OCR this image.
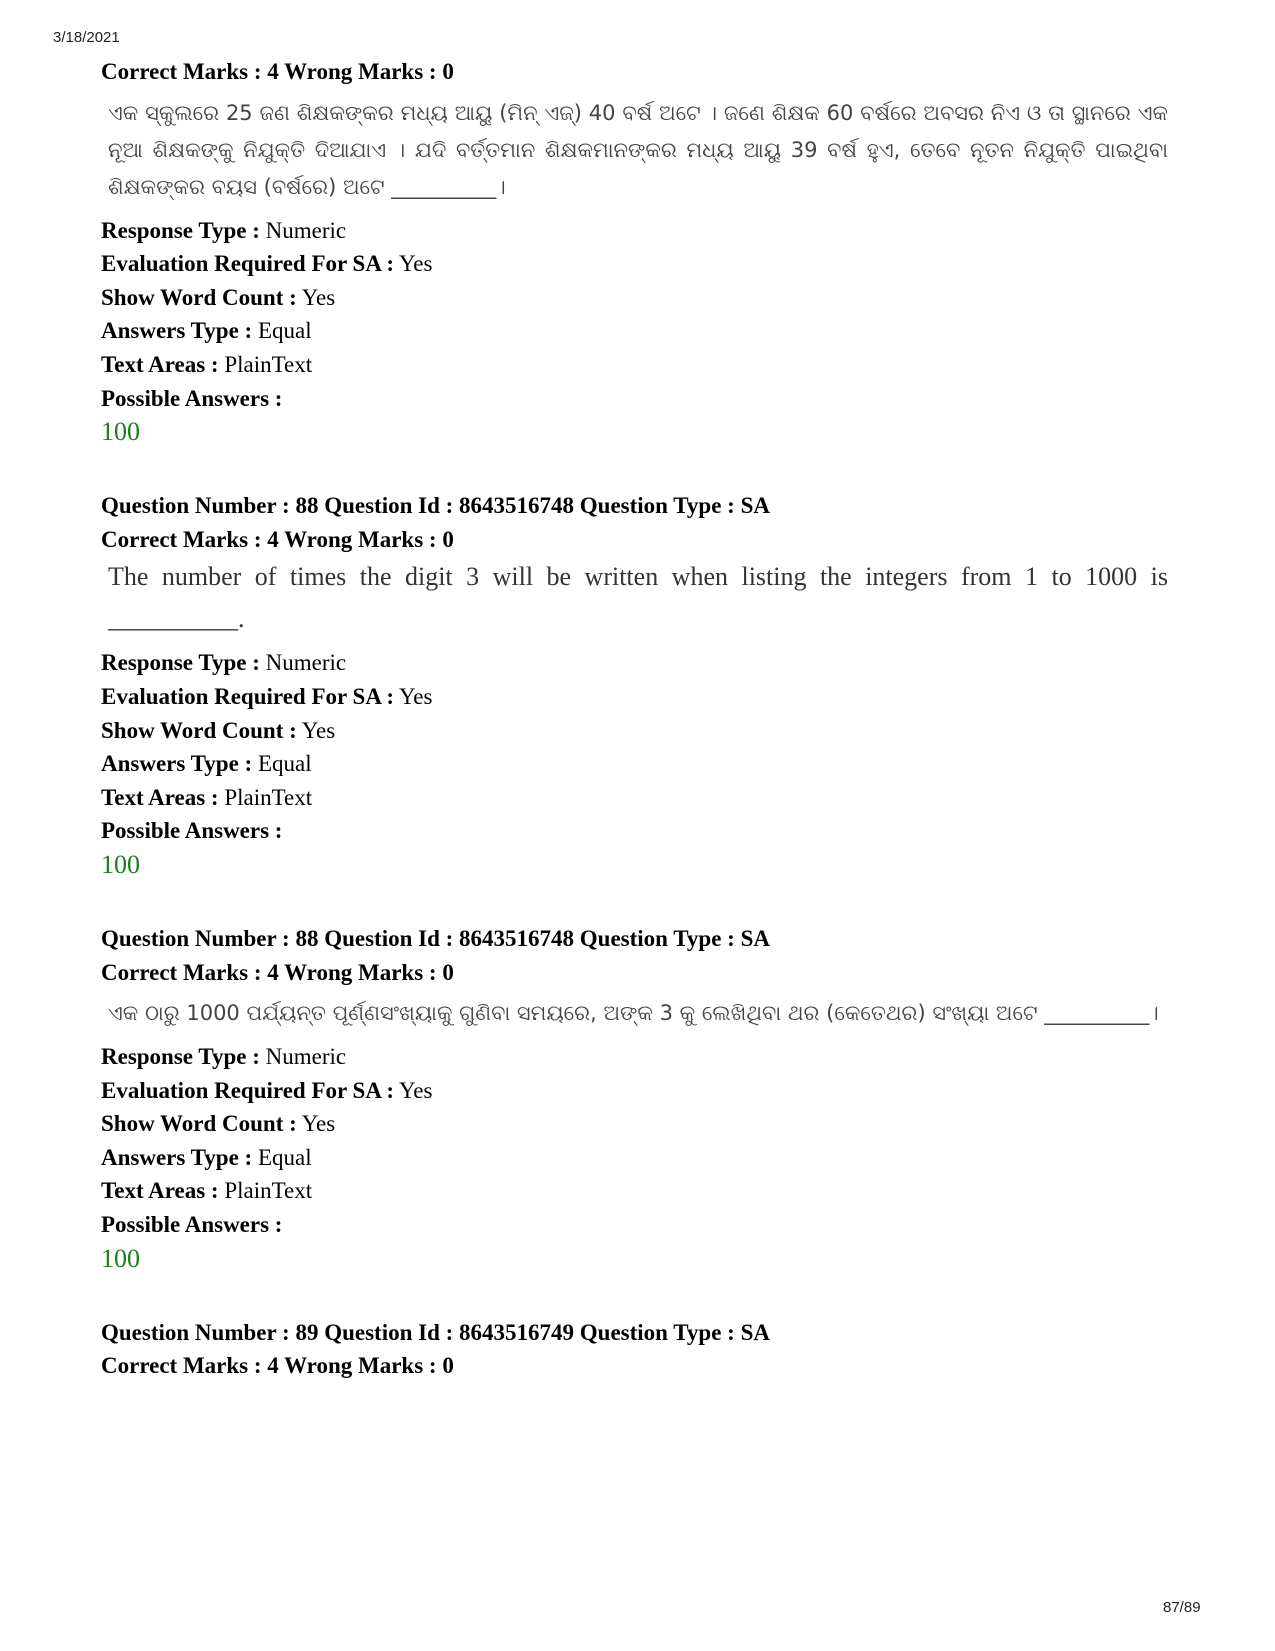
3/18/2021
Correct Marks : 4 Wrong Marks : 0
ଏକ ସ୍କୁଲରେ 25 ଜଣ ଶିକ୍ଷକଙ୍କର ମଧ୍ୟ ଆୟୁ (ମିନ୍ ଏଜ୍) 40 ବର୍ଷ ଅଟେ । ଜଣେ ଶିକ୍ଷକ 60 ବର୍ଷରେ ଅବସର ନିଏ ଓ ତା ସ୍ଥାନରେ ଏକ ନୂଆ ଶିକ୍ଷକଙ୍କୁ ନିଯୁକ୍ତି ଦିଆଯାଏ । ଯଦି ବର୍ତ୍ତମାନ ଶିକ୍ଷକମାନଙ୍କର ମଧ୍ୟ ଆୟୁ 39 ବର୍ଷ ହୁଏ, ତେବେ ନୂତନ ନିଯୁକ୍ତି ପାଇଥିବା ଶିକ୍ଷକଙ୍କର ବୟସ (ବର୍ଷରେ) ଅଟେ __________।
Response Type : Numeric
Evaluation Required For SA : Yes
Show Word Count : Yes
Answers Type : Equal
Text Areas : PlainText
Possible Answers :
100
Question Number : 88 Question Id : 8643516748 Question Type : SA
Correct Marks : 4 Wrong Marks : 0
The number of times the digit 3 will be written when listing the integers from 1 to 1000 is __________.
Response Type : Numeric
Evaluation Required For SA : Yes
Show Word Count : Yes
Answers Type : Equal
Text Areas : PlainText
Possible Answers :
100
Question Number : 88 Question Id : 8643516748 Question Type : SA
Correct Marks : 4 Wrong Marks : 0
ଏକ ଠାରୁ 1000 ପର୍ଯ୍ୟନ୍ତ ପୂର୍ଣ୍ଣସଂଖ୍ୟାକୁ ଗୁଣିବା ସମୟରେ, ଅଙ୍କ 3 କୁ ଲେଖିଥିବା ଥର (କେତେଥର) ସଂଖ୍ୟା ଅଟେ __________।
Response Type : Numeric
Evaluation Required For SA : Yes
Show Word Count : Yes
Answers Type : Equal
Text Areas : PlainText
Possible Answers :
100
Question Number : 89 Question Id : 8643516749 Question Type : SA
Correct Marks : 4 Wrong Marks : 0
87/89
